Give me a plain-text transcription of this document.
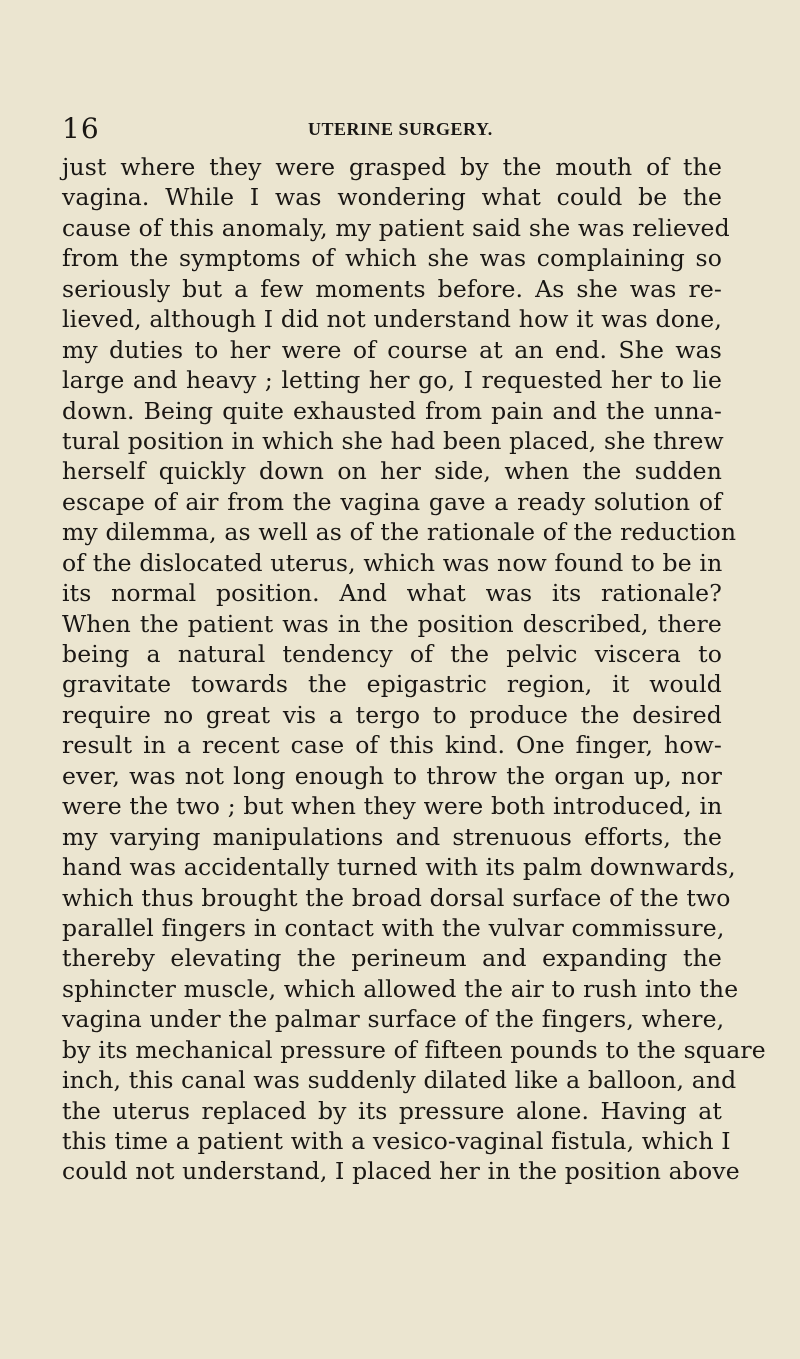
16	UTERINE SURGERY.
just where they were grasped by the mouth of the
vagina. While I was wondering what could be the
cause of this anomaly, my patient said she was relieved
from the symptoms of which she was complaining so
seriously but a few moments before. As she was re-
lieved, although I did not understand how it was done,
my duties to her were of course at an end. She was
large and heavy ; letting her go, I requested her to lie
down. Being quite exhausted from pain and the unna-
tural position in which she had been placed, she threw
herself quickly down on her side, when the sudden
escape of air from the vagina gave a ready solution of
my dilemma, as well as of the rationale of the reduction
of the dislocated uterus, which was now found to be in
its normal position. And what was its rationale?
When the patient was in the position described, there
being a natural tendency of the pelvic viscera to
gravitate towards the epigastric region, it would
require no great vis a tergo to produce the desired
result in a recent case of this kind. One finger, how-
ever, was not long enough to throw the organ up, nor
were the two ; but when they were both introduced, in
my varying manipulations and strenuous efforts, the
hand was accidentally turned with its palm downwards,
which thus brought the broad dorsal surface of the two
parallel fingers in contact with the vulvar commissure,
thereby elevating the perineum and expanding the
sphincter muscle, which allowed the air to rush into the
vagina under the palmar surface of the fingers, where,
by its mechanical pressure of fifteen pounds to the square
inch, this canal was suddenly dilated like a balloon, and
the uterus replaced by its pressure alone. Having at
this time a patient with a vesico-vaginal fistula, which I
could not understand, I placed her in the position above
